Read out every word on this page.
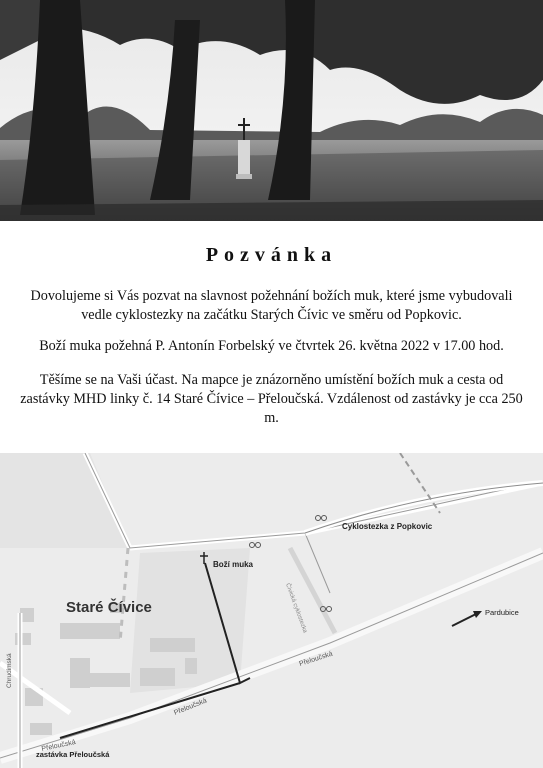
Pozvánka
Dovolujeme si Vás pozvat na slavnost požehnání božích muk, které jsme vybudovali vedle cyklostezky na začátku Starých Čívic ve směru od Popkovic.
Boží muka požehná P. Antonín Forbelský ve čtvrtek 26. května 2022 v 17.00 hod.
Těšíme se na Vaši účast. Na mapce je znázorněno umístění božích muk a cesta od zastávky MHD linky č. 14 Staré Čívice – Přeloučská. Vzdálenost od zastávky je cca 250 m.
Staré Čívice
Boží muka
Cyklostezka z Popkovic
Pardubice
Přeloučská
Přeloučská
Přeloučská
Chrudimská
Čívická cyklostezka
zastávka Přeloučská
